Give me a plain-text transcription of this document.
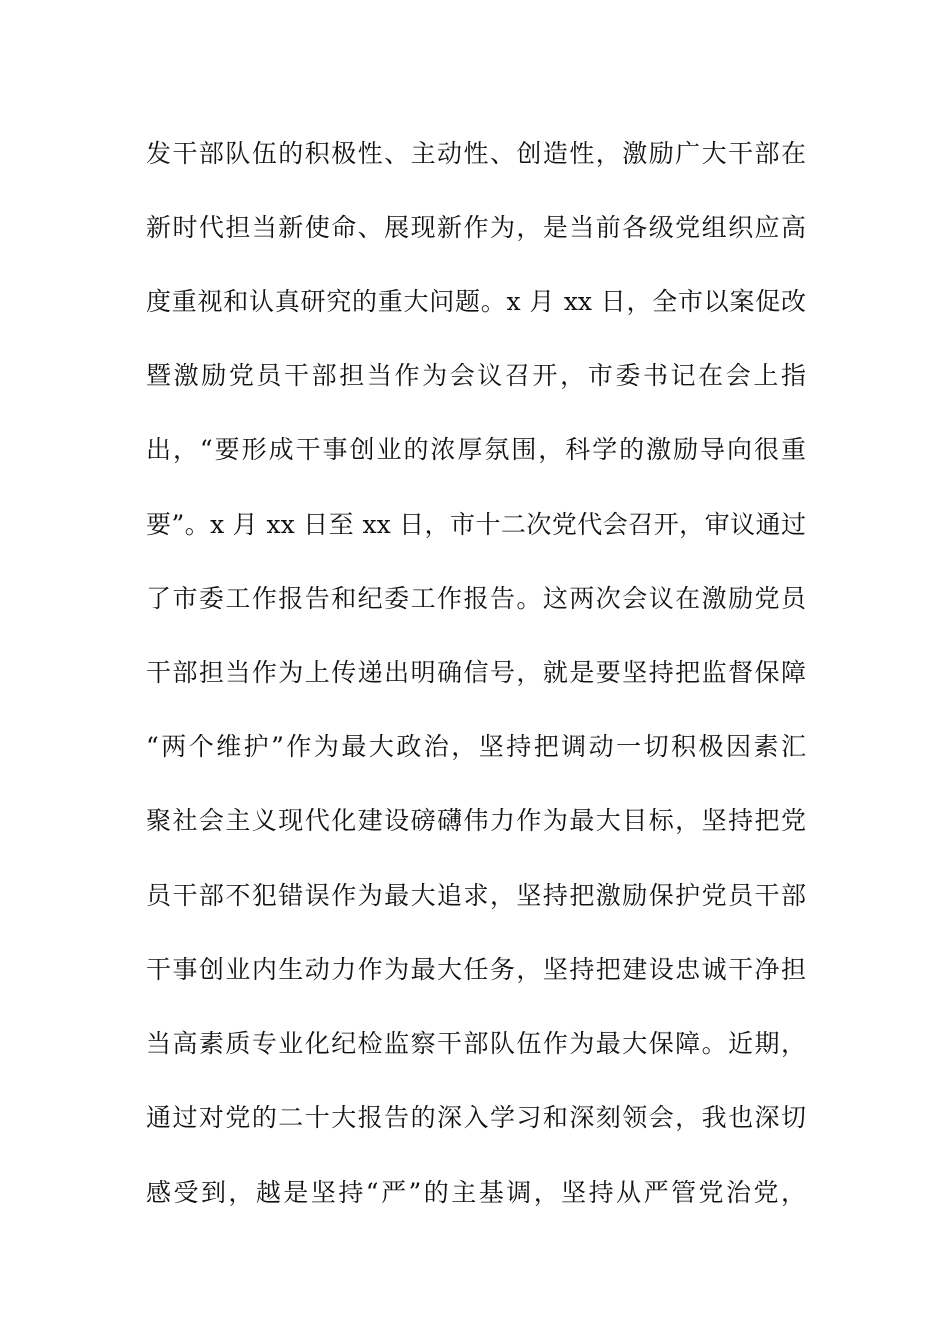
发干部队伍的积极性、主动性、创造性，激励广大干部在
新时代担当新使命、展现新作为，是当前各级党组织应高
度重视和认真研究的重大问题。x 月 xx 日，全市以案促改
暨激励党员干部担当作为会议召开，市委书记在会上指
出，“要形成干事创业的浓厚氛围，科学的激励导向很重
要”。x 月 xx 日至 xx 日，市十二次党代会召开，审议通过
了市委工作报告和纪委工作报告。这两次会议在激励党员
干部担当作为上传递出明确信号，就是要坚持把监督保障
“两个维护”作为最大政治，坚持把调动一切积极因素汇
聚社会主义现代化建设磅礴伟力作为最大目标，坚持把党
员干部不犯错误作为最大追求，坚持把激励保护党员干部
干事创业内生动力作为最大任务，坚持把建设忠诚干净担
当高素质专业化纪检监察干部队伍作为最大保障。近期，
通过对党的二十大报告的深入学习和深刻领会，我也深切
感受到，越是坚持“严”的主基调，坚持从严管党治党，
